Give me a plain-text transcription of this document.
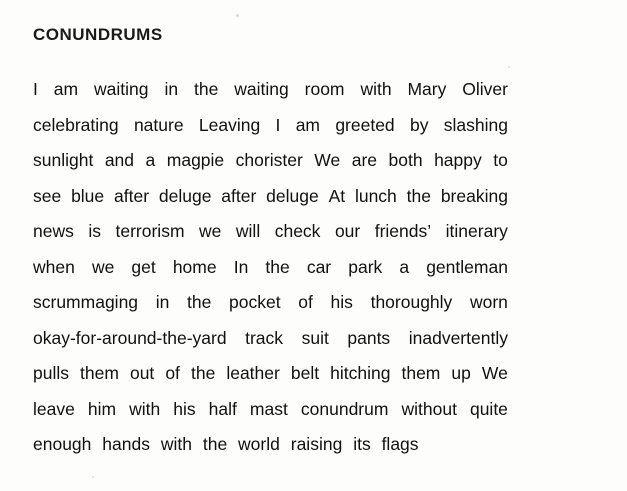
CONUNDRUMS
I am waiting in the waiting room with Mary Oliver
celebrating nature Leaving I am greeted by slashing
sunlight and a magpie chorister We are both happy to
see blue after deluge after deluge At lunch the breaking
news is terrorism we will check our friends’ itinerary
when we get home In the car park a gentleman
scrummaging in the pocket of his thoroughly worn
okay-for-around-the-yard track suit pants inadvertently
pulls them out of the leather belt hitching them up We
leave him with his half mast conundrum without quite
enough hands with the world raising its flags
